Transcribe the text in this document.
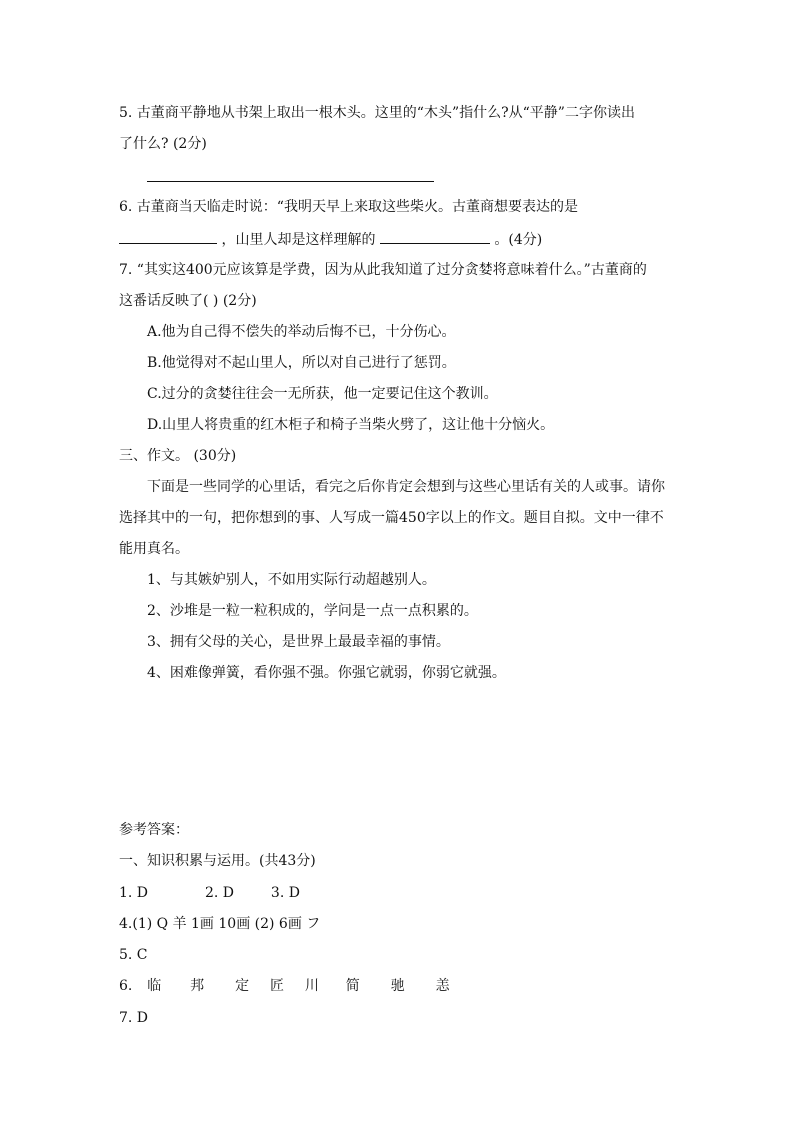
5. 古董商平静地从书架上取出一根木头。这里的“木头”指什么?从“平静”二字你读出
了什么? (2分)
6. 古董商当天临走时说：“我明天早上来取这些柴火。古董商想要表达的是
，山里人却是这样理解的	。(4分)
7. “其实这400元应该算是学费，因为从此我知道了过分贪婪将意味着什么。”古董商的
这番话反映了( ) (2分)
A.他为自己得不偿失的举动后悔不已，十分伤心。
B.他觉得对不起山里人，所以对自己进行了惩罚。
C.过分的贪婪往往会一无所获，他一定要记住这个教训。
D.山里人将贵重的红木柜子和椅子当柴火劈了，这让他十分恼火。
三、作文。 (30分)
下面是一些同学的心里话，看完之后你肯定会想到与这些心里话有关的人或事。请你
选择其中的一句，把你想到的事、人写成一篇450字以上的作文。题目自拟。文中一律不
能用真名。
1、与其嫉妒别人，不如用实际行动超越别人。
2、沙堆是一粒一粒积成的，学问是一点一点积累的。
3、拥有父母的关心，是世界上最最幸福的事情。
4、困难像弹簧，看你强不强。你强它就弱，你弱它就强。
参考答案：
一、知识积累与运用。(共43分)
1. D	2. D	3. D
4.(1) Q 羊 1画 10画 (2) 6画 フ
5. C
6. 临 邦 定 匠 川 简 驰 恙
7. D
